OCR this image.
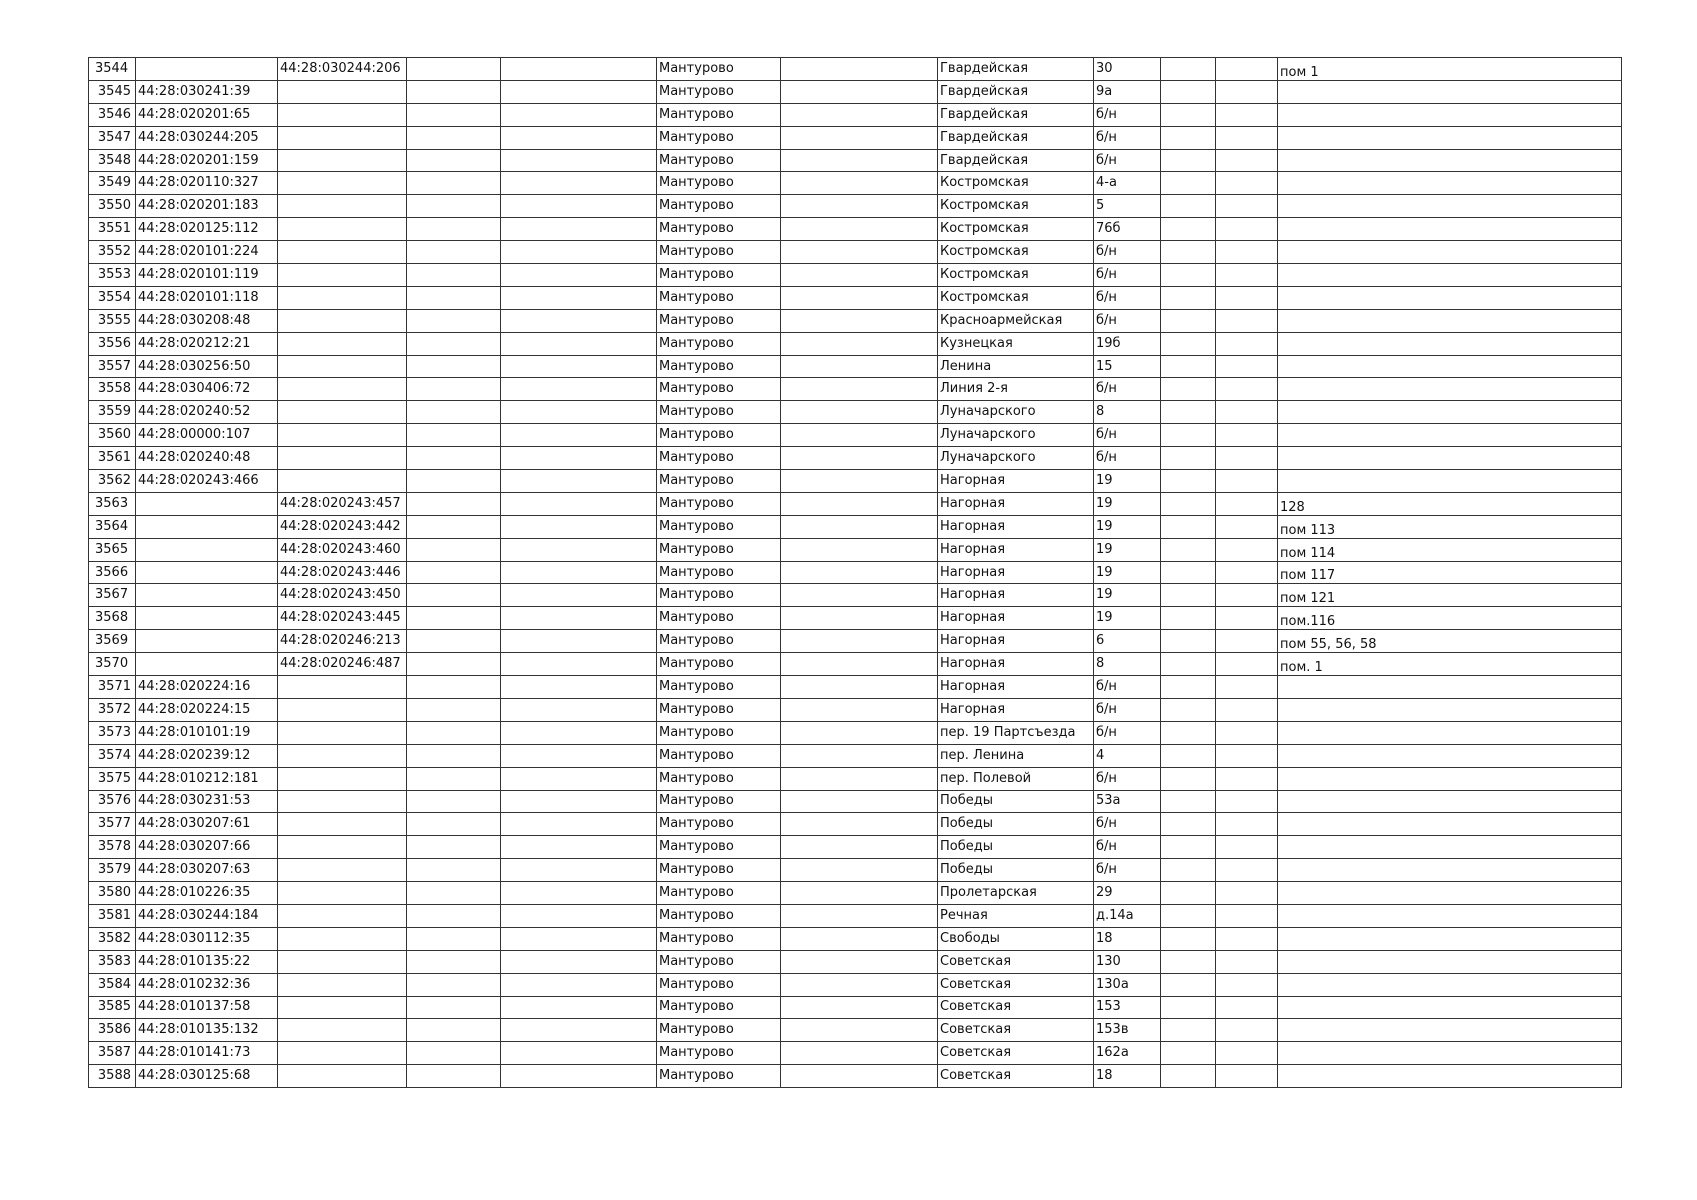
3544		44:28:030244:206			Мантурово		Гвардейская	30			пом 1
3545	44:28:030241:39				Мантурово		Гвардейская	9а			
3546	44:28:020201:65				Мантурово		Гвардейская	б/н			
3547	44:28:030244:205				Мантурово		Гвардейская	б/н			
3548	44:28:020201:159				Мантурово		Гвардейская	б/н			
3549	44:28:020110:327				Мантурово		Костромская	4-а			
3550	44:28:020201:183				Мантурово		Костромская	5			
3551	44:28:020125:112				Мантурово		Костромская	76б			
3552	44:28:020101:224				Мантурово		Костромская	б/н			
3553	44:28:020101:119				Мантурово		Костромская	б/н			
3554	44:28:020101:118				Мантурово		Костромская	б/н			
3555	44:28:030208:48				Мантурово		Красноармейская	б/н			
3556	44:28:020212:21				Мантурово		Кузнецкая	19б			
3557	44:28:030256:50				Мантурово		Ленина	15			
3558	44:28:030406:72				Мантурово		Линия 2-я	б/н			
3559	44:28:020240:52				Мантурово		Луначарского	8			
3560	44:28:00000:107				Мантурово		Луначарского	б/н			
3561	44:28:020240:48				Мантурово		Луначарского	б/н			
3562	44:28:020243:466				Мантурово		Нагорная	19			
3563		44:28:020243:457			Мантурово		Нагорная	19			128
3564		44:28:020243:442			Мантурово		Нагорная	19			пом 113
3565		44:28:020243:460			Мантурово		Нагорная	19			пом 114
3566		44:28:020243:446			Мантурово		Нагорная	19			пом 117
3567		44:28:020243:450			Мантурово		Нагорная	19			пом 121
3568		44:28:020243:445			Мантурово		Нагорная	19			пом.116
3569		44:28:020246:213			Мантурово		Нагорная	6			пом 55, 56, 58
3570		44:28:020246:487			Мантурово		Нагорная	8			пом. 1
3571	44:28:020224:16				Мантурово		Нагорная	б/н			
3572	44:28:020224:15				Мантурово		Нагорная	б/н			
3573	44:28:010101:19				Мантурово		пер. 19 Партсъезда	б/н			
3574	44:28:020239:12				Мантурово		пер. Ленина	4			
3575	44:28:010212:181				Мантурово		пер. Полевой	б/н			
3576	44:28:030231:53				Мантурово		Победы	53а			
3577	44:28:030207:61				Мантурово		Победы	б/н			
3578	44:28:030207:66				Мантурово		Победы	б/н			
3579	44:28:030207:63				Мантурово		Победы	б/н			
3580	44:28:010226:35				Мантурово		Пролетарская	29			
3581	44:28:030244:184				Мантурово		Речная	д.14а			
3582	44:28:030112:35				Мантурово		Свободы	18			
3583	44:28:010135:22				Мантурово		Советская	130			
3584	44:28:010232:36				Мантурово		Советская	130а			
3585	44:28:010137:58				Мантурово		Советская	153			
3586	44:28:010135:132				Мантурово		Советская	153в			
3587	44:28:010141:73				Мантурово		Советская	162а			
3588	44:28:030125:68				Мантурово		Советская	18			
